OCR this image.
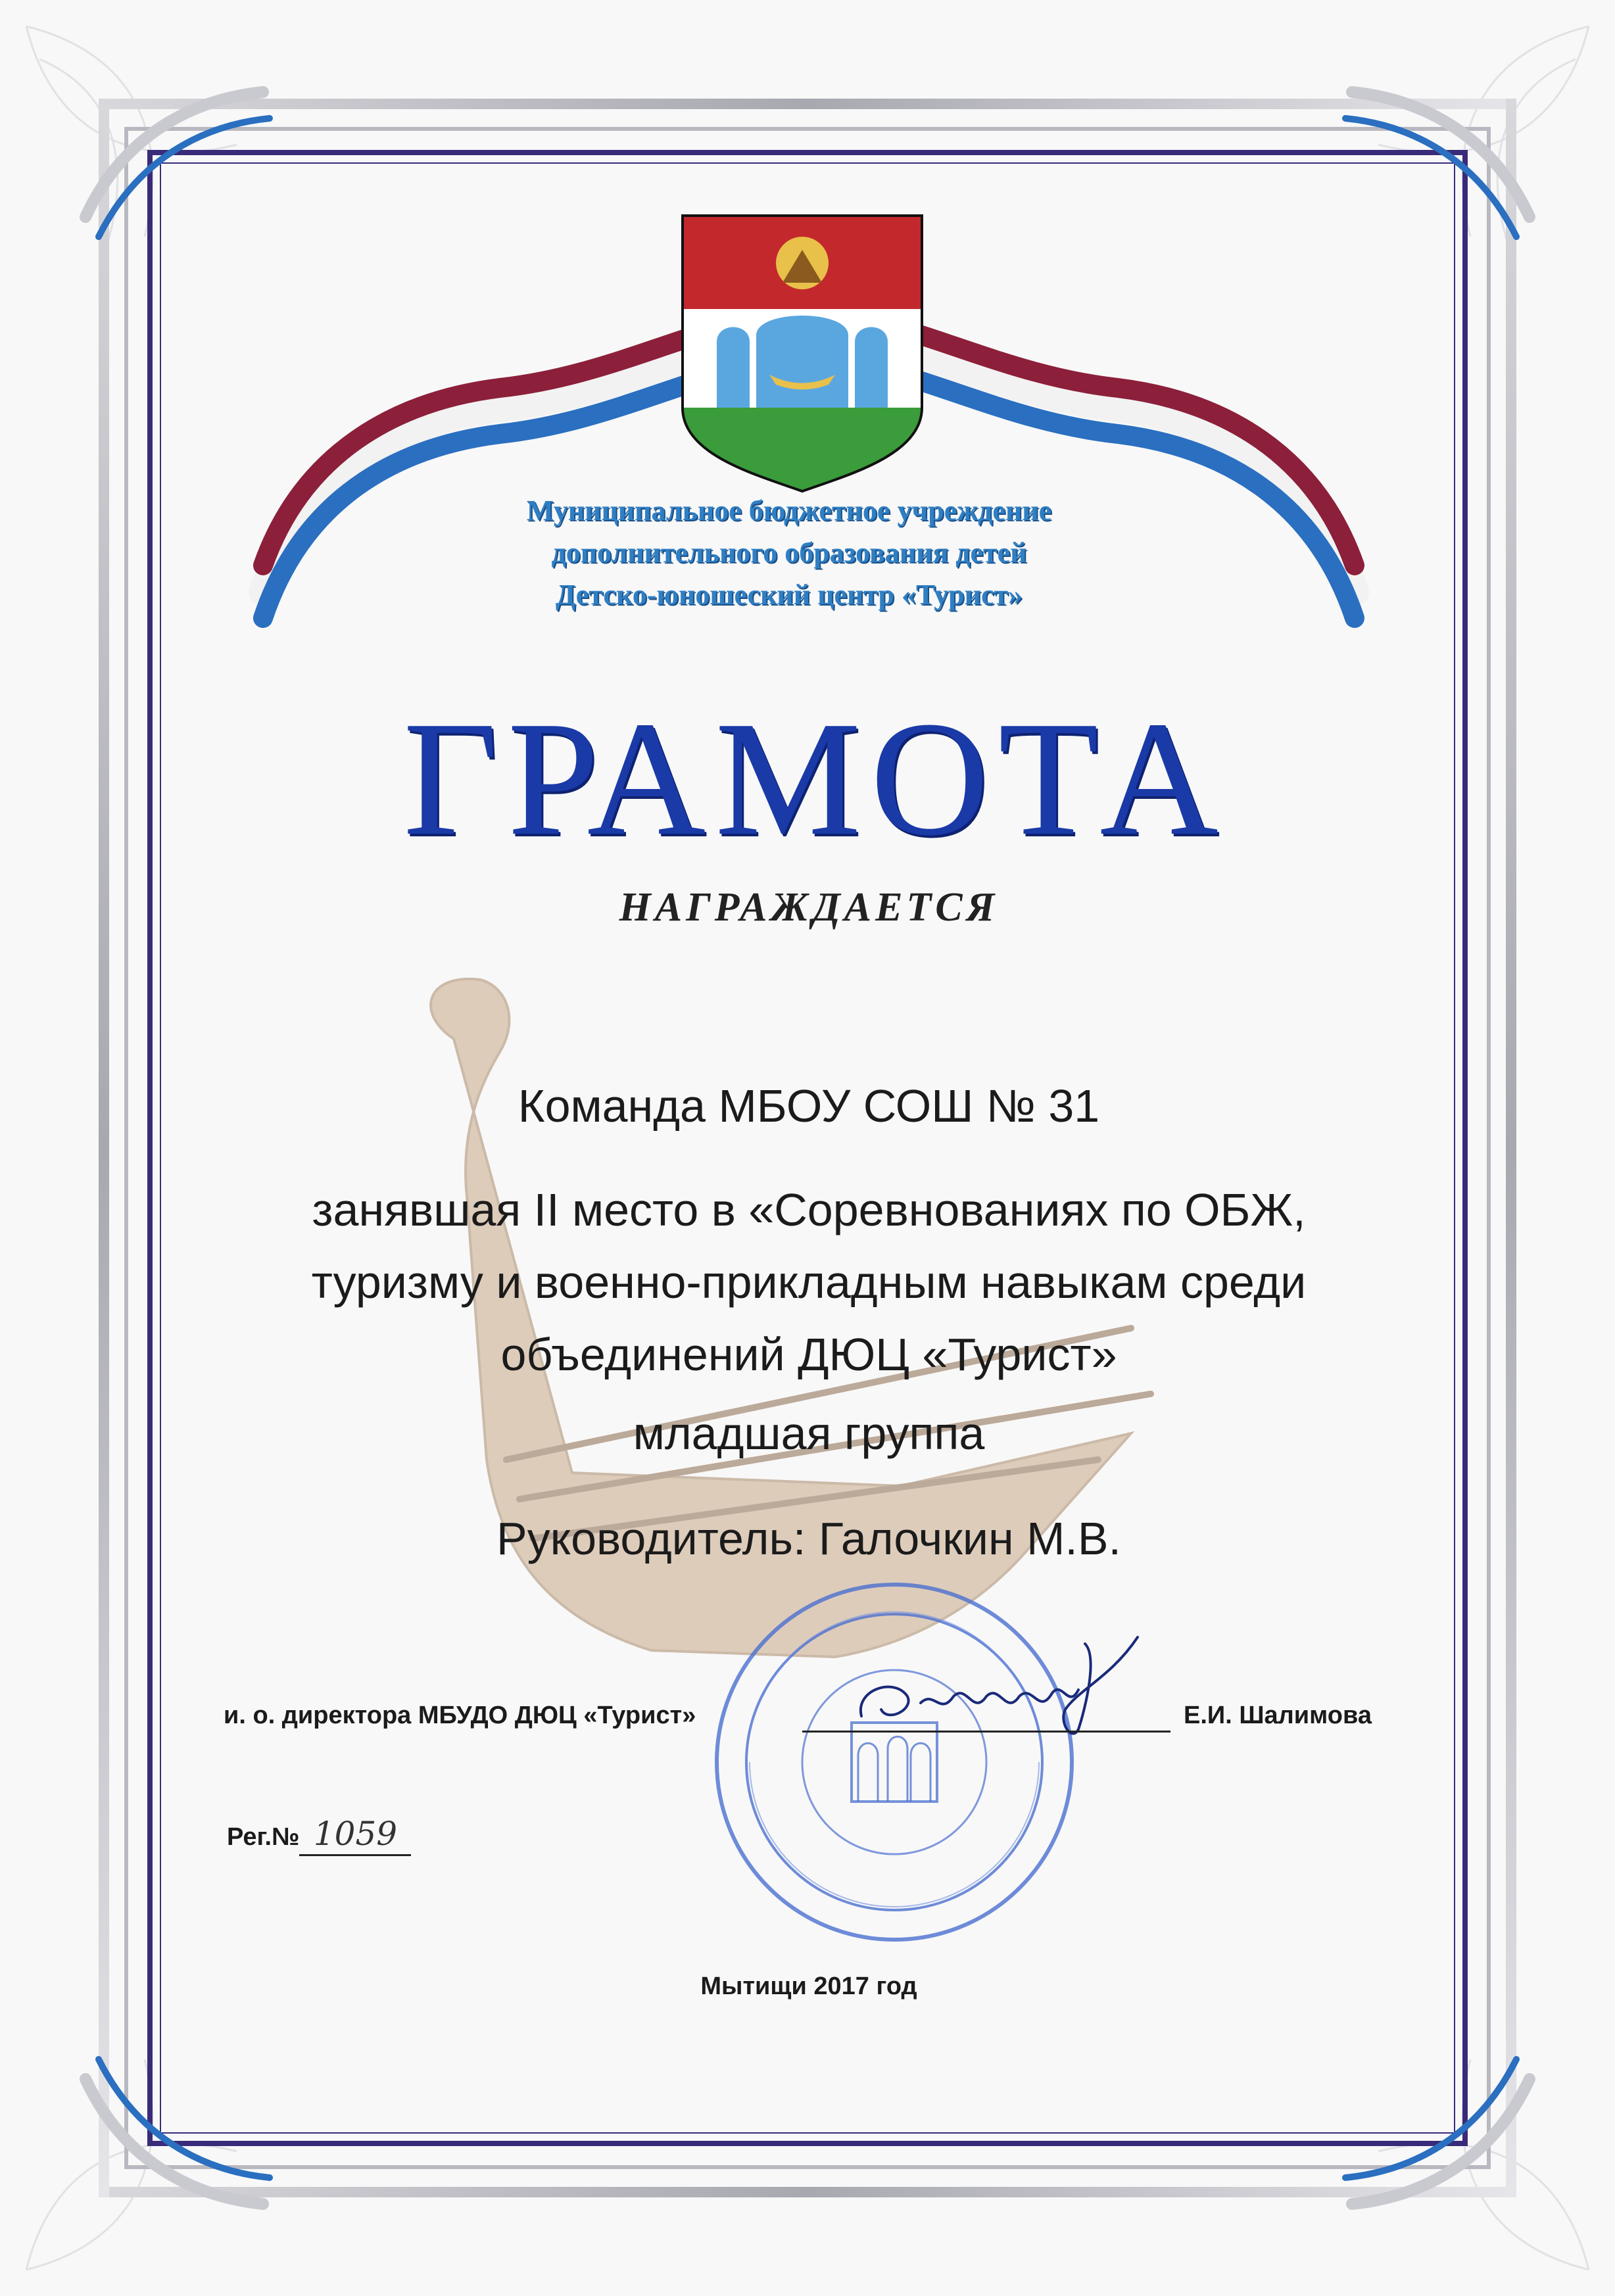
Муниципальное бюджетное учреждение
дополнительного образования детей
Детско-юношеский центр «Турист»
ГРАМОТА
НАГРАЖДАЕТСЯ
Команда МБОУ СОШ № 31
занявшая II место в «Соревнованиях по ОБЖ,
туризму и военно-прикладным навыкам среди
объединений ДЮЦ «Турист»
младшая группа
Руководитель: Галочкин М.В.
и. о. директора МБУДО ДЮЦ «Турист»	Е.И. Шалимова
Рег.№ 1059
Мытищи 2017 год
